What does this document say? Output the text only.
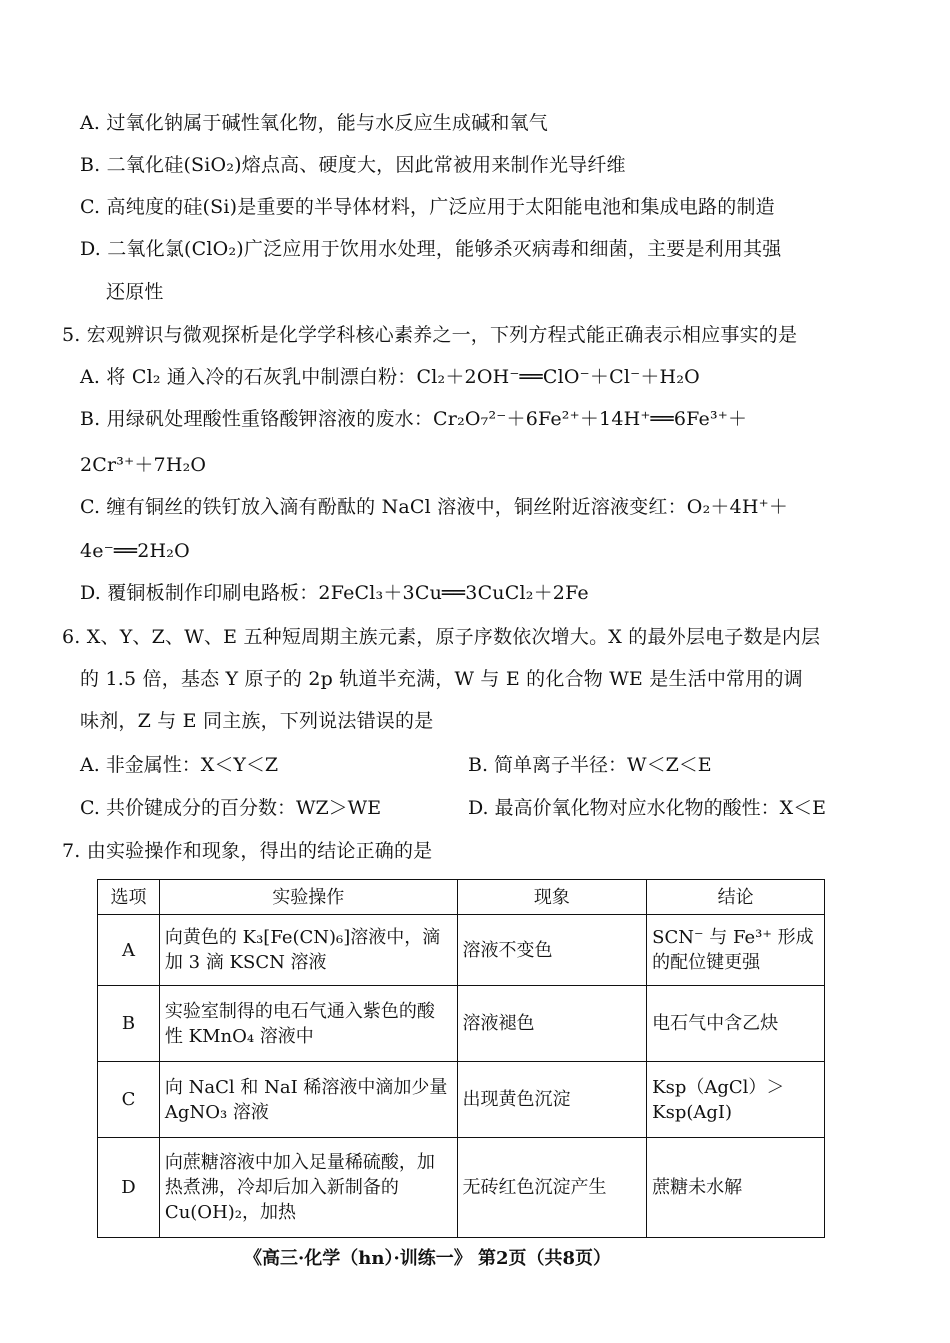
A. 过氧化钠属于碱性氧化物，能与水反应生成碱和氧气
B. 二氧化硅(SiO₂)熔点高、硬度大，因此常被用来制作光导纤维
C. 高纯度的硅(Si)是重要的半导体材料，广泛应用于太阳能电池和集成电路的制造
D. 二氧化氯(ClO₂)广泛应用于饮用水处理，能够杀灭病毒和细菌，主要是利用其强
还原性
5. 宏观辨识与微观探析是化学学科核心素养之一，下列方程式能正确表示相应事实的是
A. 将 Cl₂ 通入冷的石灰乳中制漂白粉：Cl₂＋2OH⁻══ClO⁻＋Cl⁻＋H₂O
B. 用绿矾处理酸性重铬酸钾溶液的废水：Cr₂O₇²⁻＋6Fe²⁺＋14H⁺══6Fe³⁺＋
2Cr³⁺＋7H₂O
C. 缠有铜丝的铁钉放入滴有酚酞的 NaCl 溶液中，铜丝附近溶液变红：O₂＋4H⁺＋
4e⁻══2H₂O
D. 覆铜板制作印刷电路板：2FeCl₃＋3Cu══3CuCl₂＋2Fe
6. X、Y、Z、W、E 五种短周期主族元素，原子序数依次增大。X 的最外层电子数是内层
的 1.5 倍，基态 Y 原子的 2p 轨道半充满，W 与 E 的化合物 WE 是生活中常用的调
味剂，Z 与 E 同主族，下列说法错误的是
A. 非金属性：X＜Y＜Z	B. 简单离子半径：W＜Z＜E
C. 共价键成分的百分数：WZ＞WE	D. 最高价氧化物对应水化物的酸性：X＜E
7. 由实验操作和现象，得出的结论正确的是
选项	实验操作	现象	结论
A	向黄色的 K₃[Fe(CN)₆]溶液中，滴加 3 滴 KSCN 溶液	溶液不变色	SCN⁻ 与 Fe³⁺ 形成的配位键更强
B	实验室制得的电石气通入紫色的酸性 KMnO₄ 溶液中	溶液褪色	电石气中含乙炔
C	向 NaCl 和 NaI 稀溶液中滴加少量 AgNO₃ 溶液	出现黄色沉淀	Ksp（AgCl）＞ Ksp(AgI)
D	向蔗糖溶液中加入足量稀硫酸，加热煮沸，冷却后加入新制备的 Cu(OH)₂，加热	无砖红色沉淀产生	蔗糖未水解
《高三·化学（hn）·训练一》 第2页（共8页）
